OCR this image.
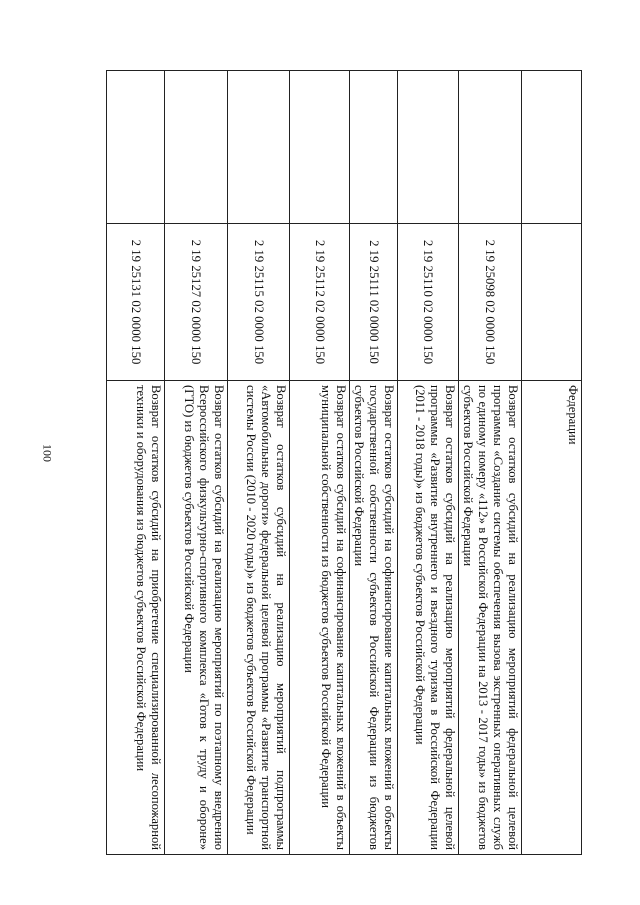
100
		Федерации
	2 19 25098 02 0000 150	Возврат остатков субсидий на реализацию мероприятий федеральной целевой программы «Создание системы обеспечения вызова экстренных оперативных служб по единому номеру «112» в Российской Федерации на 2013 - 2017 годы» из бюджетов субъектов Российской Федерации
	2 19 25110 02 0000 150	Возврат остатков субсидий на реализацию мероприятий федеральной целевой программы «Развитие внутреннего и въездного туризма в Российской Федерации (2011 - 2018 годы)» из бюджетов субъектов Российской Федерации
	2 19 25111 02 0000 150	Возврат остатков субсидий на софинансирование капитальных вложений в объекты государственной собственности субъектов Российской Федерации из бюджетов субъектов Российской Федерации
	2 19 25112 02 0000 150	Возврат остатков субсидий на софинансирование капитальных вложений в объекты муниципальной собственности из бюджетов субъектов Российской Федерации
	2 19 25115 02 0000 150	Возврат остатков субсидий на реализацию мероприятий подпрограммы «Автомобильные дороги» федеральной целевой программы «Развитие транспортной системы России (2010 - 2020 годы)» из бюджетов субъектов Российской Федерации
	2 19 25127 02 0000 150	Возврат остатков субсидий на реализацию мероприятий по поэтапному внедрению Всероссийского физкультурно-спортивного комплекса «Готов к труду и обороне» (ГТО) из бюджетов субъектов Российской Федерации
	2 19 25131 02 0000 150	Возврат остатков субсидий на приобретение специализированной лесопожарной техники и оборудования из бюджетов субъектов Российской Федерации
